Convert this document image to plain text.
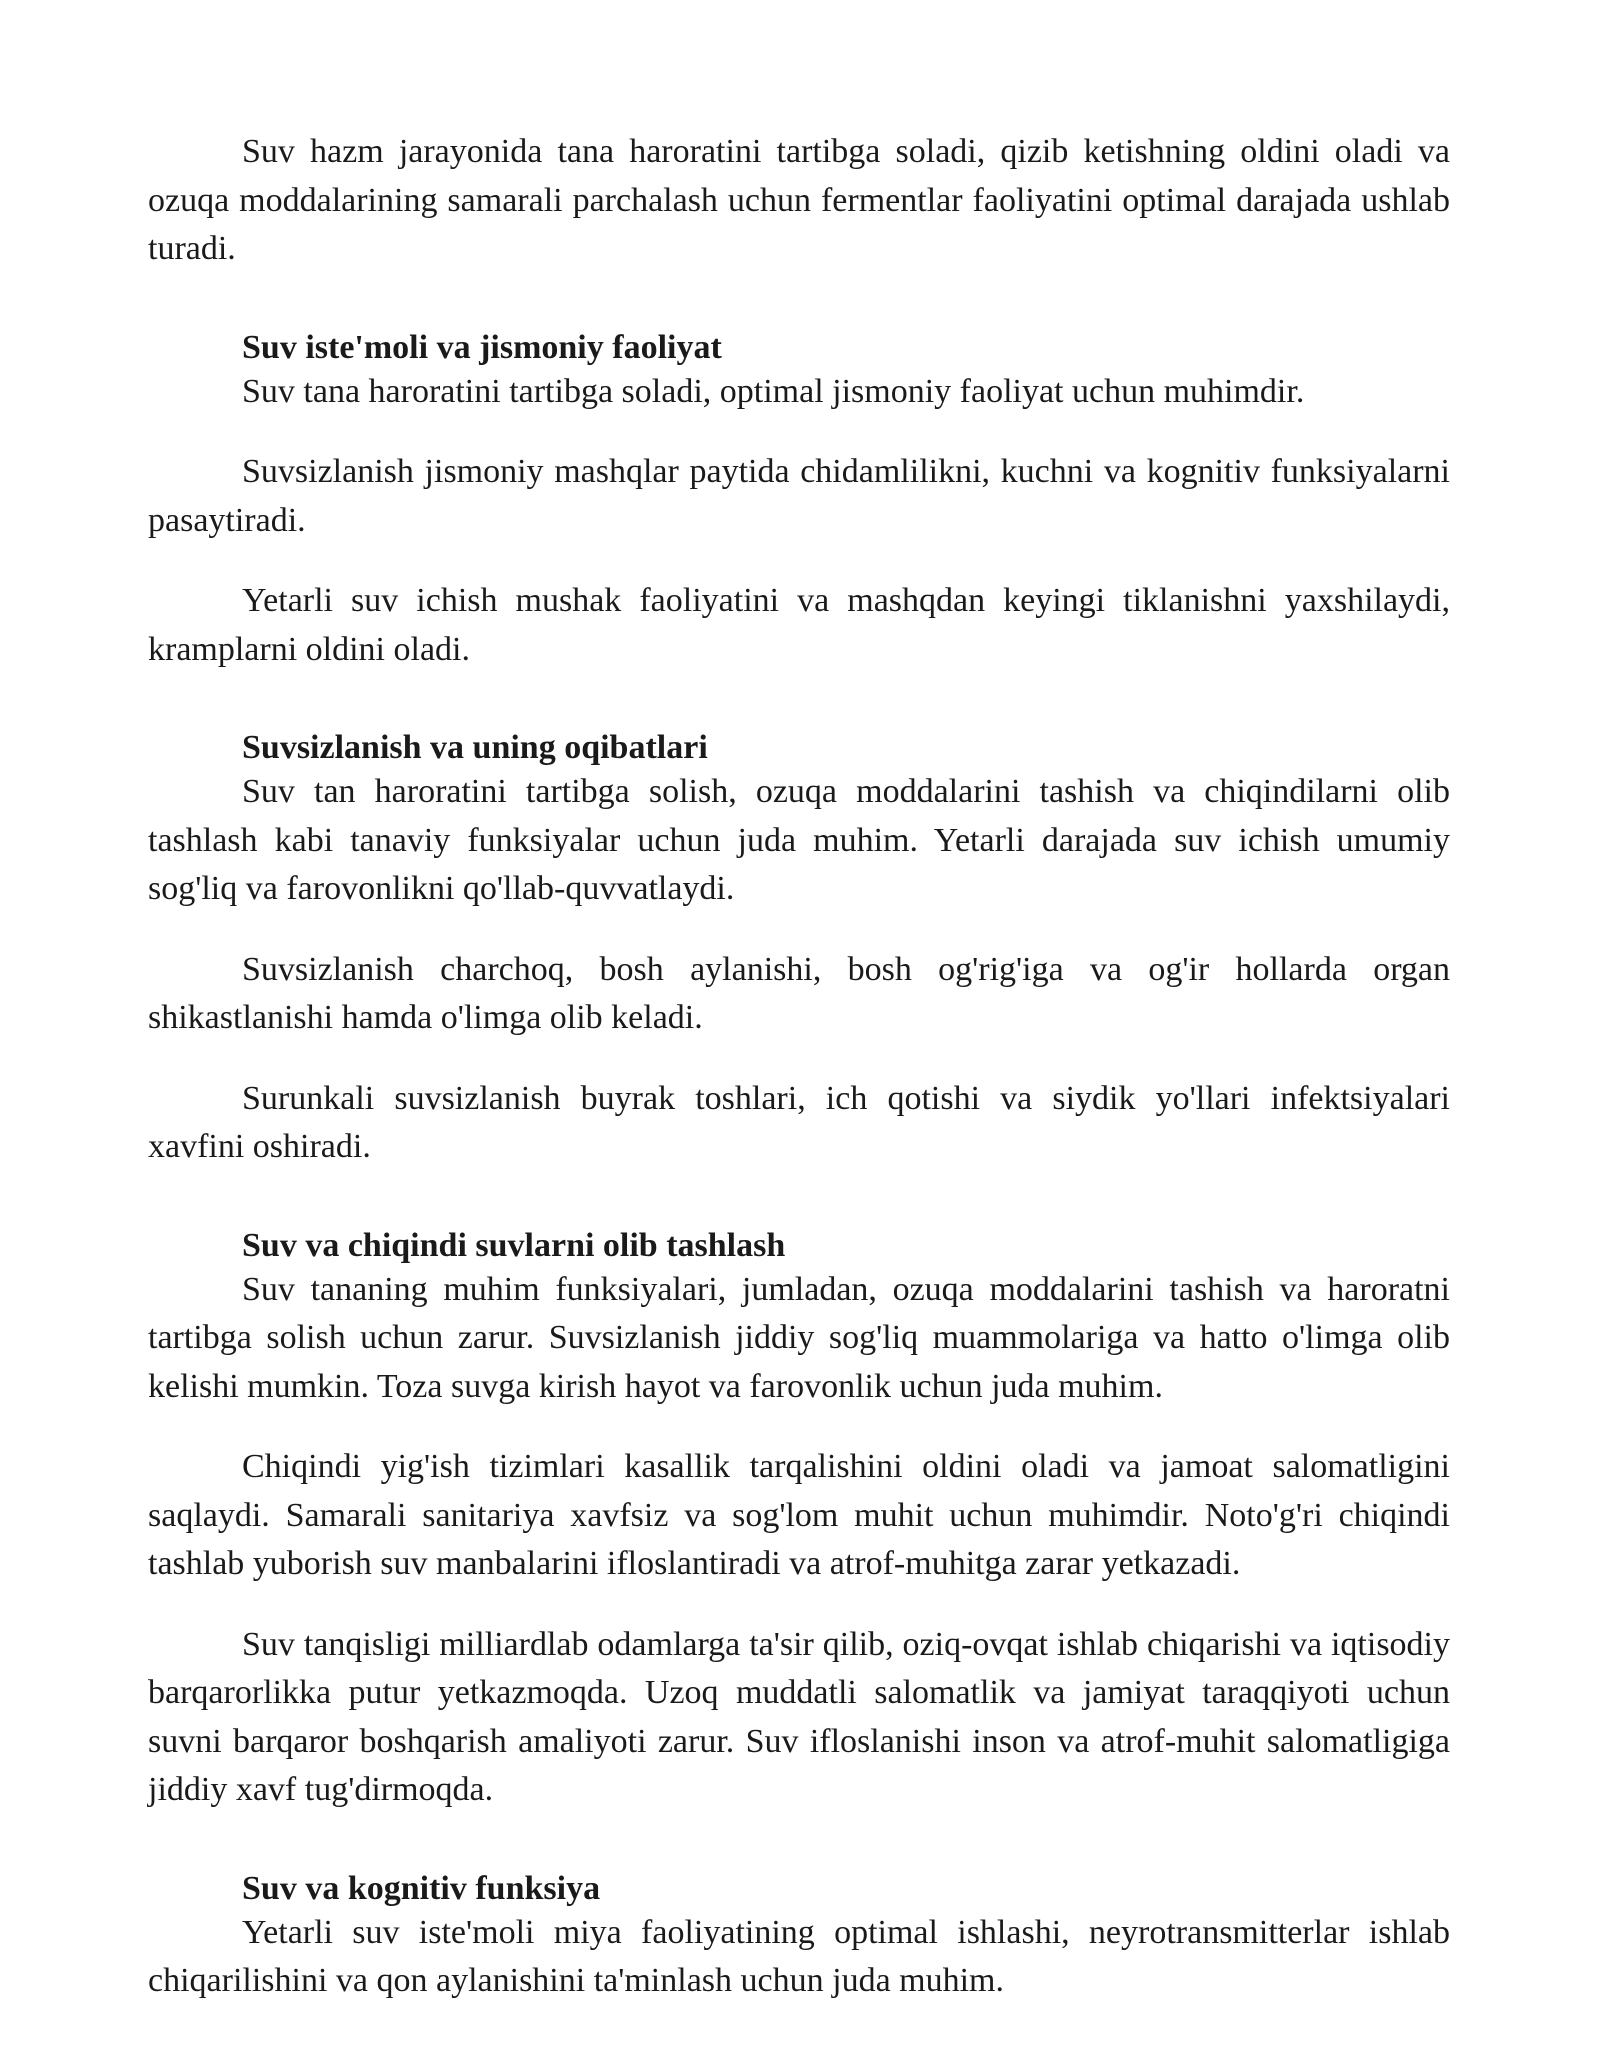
Suv hazm jarayonida tana haroratini tartibga soladi, qizib ketishning oldini oladi va ozuqa moddalarining samarali parchalash uchun fermentlar faoliyatini optimal darajada ushlab turadi.

Suv iste'moli va jismoniy faoliyat

Suv tana haroratini tartibga soladi, optimal jismoniy faoliyat uchun muhimdir.

Suvsizlanish jismoniy mashqlar paytida chidamlilikni, kuchni va kognitiv funksiyalarni pasaytiradi.

Yetarli suv ichish mushak faoliyatini va mashqdan keyingi tiklanishni yaxshilaydi, kramplarni oldini oladi.

Suvsizlanish va uning oqibatlari

Suv tan haroratini tartibga solish, ozuqa moddalarini tashish va chiqindilarni olib tashlash kabi tanaviy funksiyalar uchun juda muhim. Yetarli darajada suv ichish umumiy sog'liq va farovonlikni qo'llab-quvvatlaydi.

Suvsizlanish charchoq, bosh aylanishi, bosh og'rig'iga va og'ir hollarda organ shikastlanishi hamda o'limga olib keladi.

Surunkali suvsizlanish buyrak toshlari, ich qotishi va siydik yo'llari infektsiyalari xavfini oshiradi.

Suv va chiqindi suvlarni olib tashlash

Suv tananing muhim funksiyalari, jumladan, ozuqa moddalarini tashish va haroratni tartibga solish uchun zarur. Suvsizlanish jiddiy sog'liq muammolariga va hatto o'limga olib kelishi mumkin. Toza suvga kirish hayot va farovonlik uchun juda muhim.

Chiqindi yig'ish tizimlari kasallik tarqalishini oldini oladi va jamoat salomatligini saqlaydi. Samarali sanitariya xavfsiz va sog'lom muhit uchun muhimdir. Noto'g'ri chiqindi tashlab yuborish suv manbalarini ifloslantiradi va atrof-muhitga zarar yetkazadi.

Suv tanqisligi milliardlab odamlarga ta'sir qilib, oziq-ovqat ishlab chiqarishi va iqtisodiy barqarorlikka putur yetkazmoqda. Uzoq muddatli salomatlik va jamiyat taraqqiyoti uchun suvni barqaror boshqarish amaliyoti zarur. Suv ifloslanishi inson va atrof-muhit salomatligiga jiddiy xavf tug'dirmoqda.

Suv va kognitiv funksiya

Yetarli suv iste'moli miya faoliyatining optimal ishlashi, neyrotransmitterlar ishlab chiqarilishini va qon aylanishini ta'minlash uchun juda muhim.
